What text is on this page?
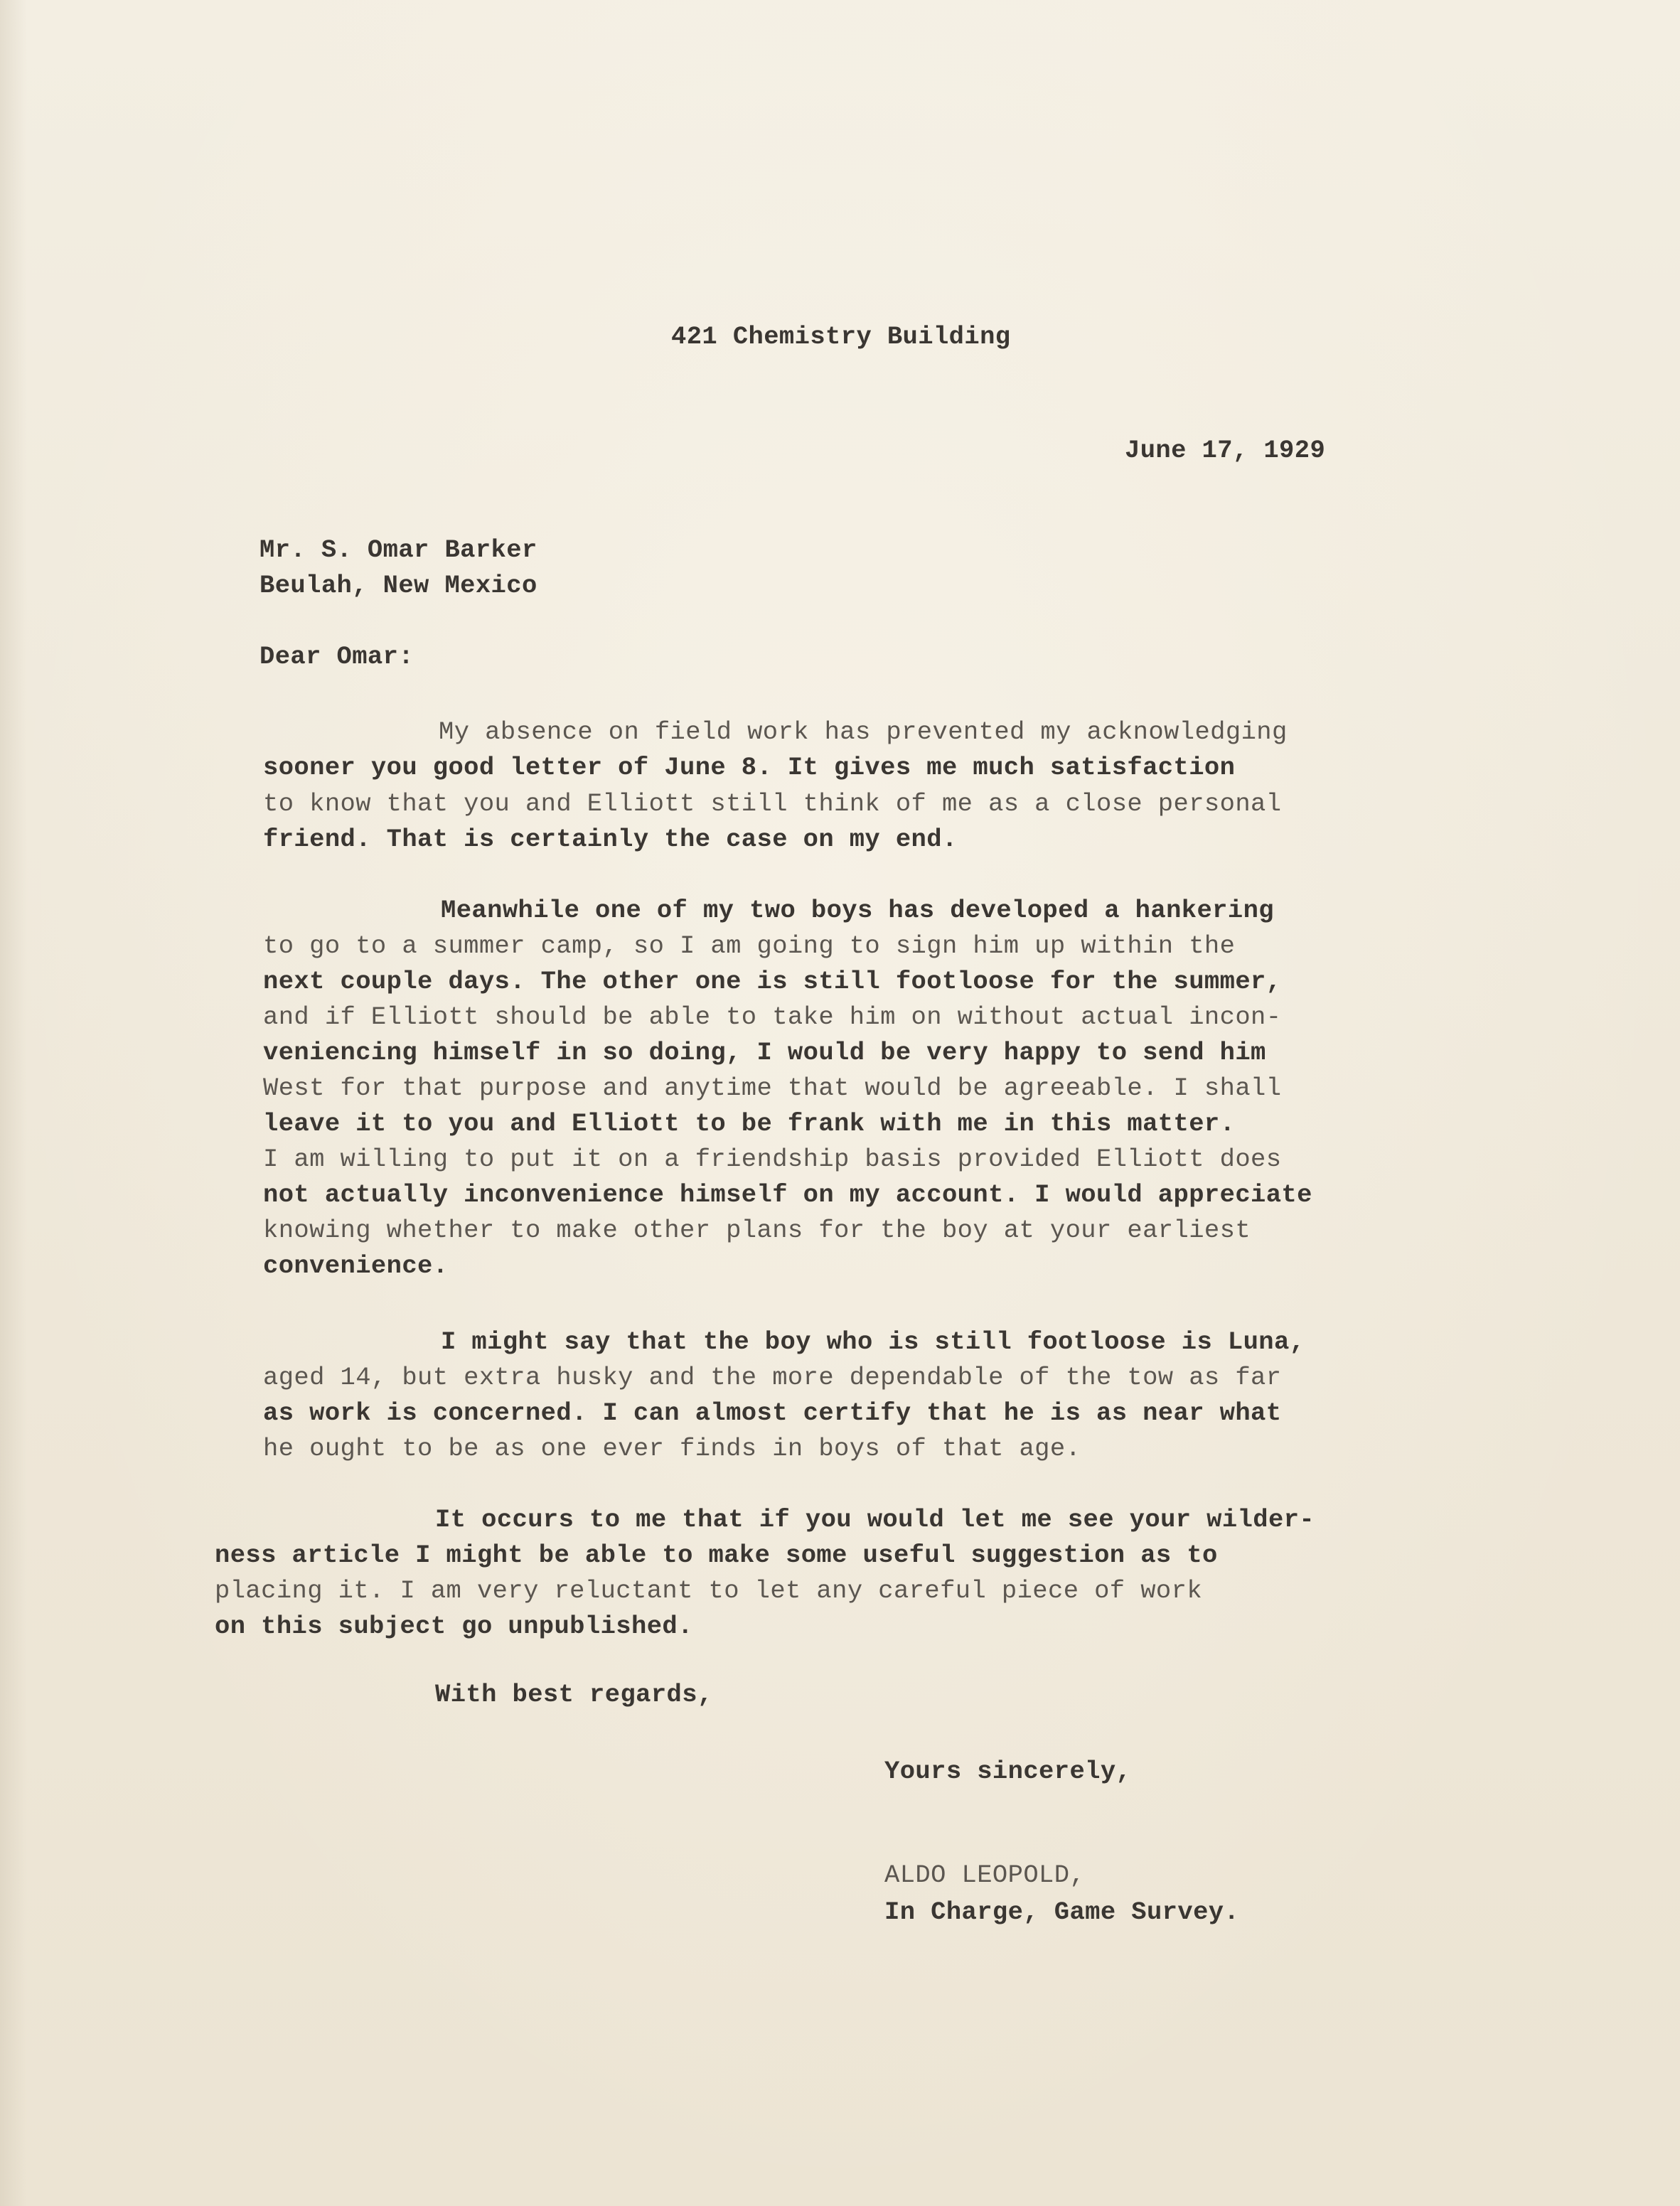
421 Chemistry Building
June 17, 1929
Mr. S. Omar Barker
Beulah, New Mexico
Dear Omar:
My absence on field work has prevented my acknowledging
sooner you good letter of June 8. It gives me much satisfaction
to know that you and Elliott still think of me as a close personal
friend. That is certainly the case on my end.
Meanwhile one of my two boys has developed a hankering
to go to a summer camp, so I am going to sign him up within the
next couple days. The other one is still footloose for the summer,
and if Elliott should be able to take him on without actual incon-
veniencing himself in so doing, I would be very happy to send him
West for that purpose and anytime that would be agreeable. I shall
leave it to you and Elliott to be frank with me in this matter.
I am willing to put it on a friendship basis provided Elliott does
not actually inconvenience himself on my account. I would appreciate
knowing whether to make other plans for the boy at your earliest
convenience.
I might say that the boy who is still footloose is Luna,
aged 14, but extra husky and the more dependable of the tow as far
as work is concerned. I can almost certify that he is as near what
he ought to be as one ever finds in boys of that age.
It occurs to me that if you would let me see your wilder-
ness article I might be able to make some useful suggestion as to
placing it. I am very reluctant to let any careful piece of work
on this subject go unpublished.
With best regards,
Yours sincerely,
ALDO LEOPOLD,
In Charge, Game Survey.
